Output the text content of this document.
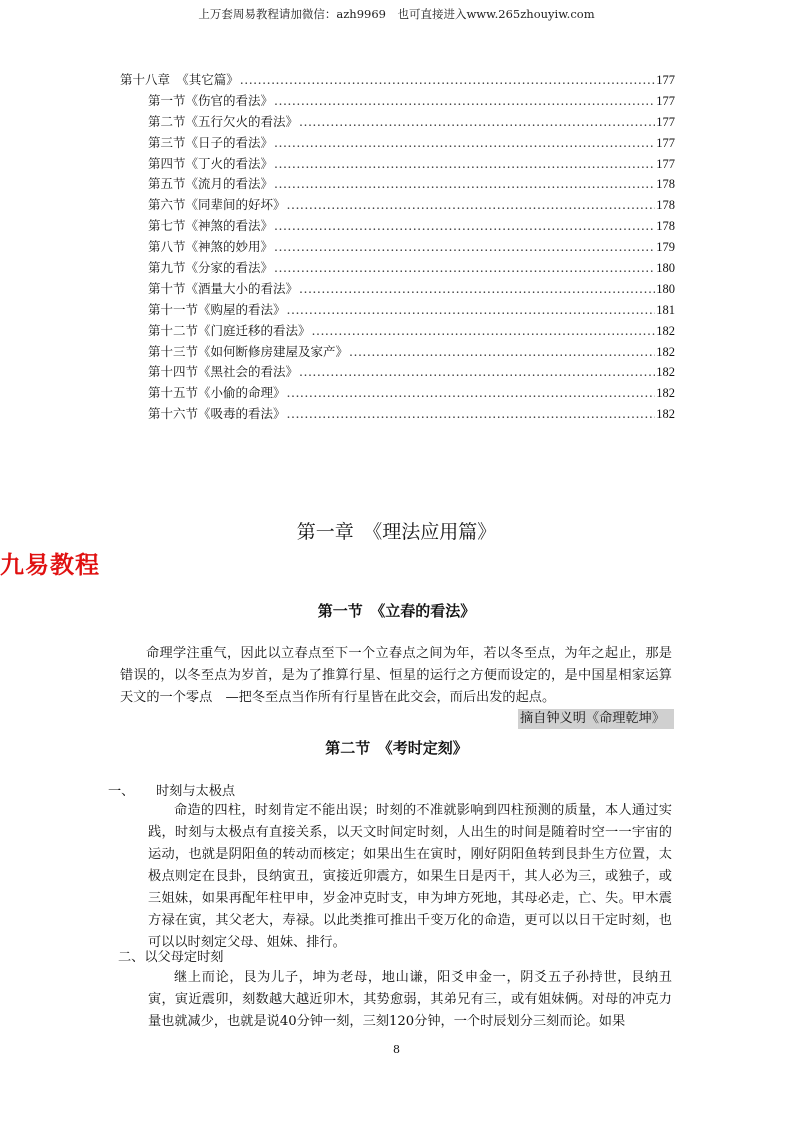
上万套周易教程请加微信：azh9969　也可直接进入www.265zhouyiw.com
第十八章　《其它篇》 .....	177
第一节《伤官的看法》 .....	177
第二节《五行欠火的看法》 .....	177
第三节《日子的看法》 .....	177
第四节《丁火的看法》 .....	177
第五节《流月的看法》 .....	178
第六节《同辈间的好坏》 .....	178
第七节《神煞的看法》 .....	178
第八节《神煞的妙用》 .....	179
第九节《分家的看法》 .....	180
第十节《酒量大小的看法》 .....	180
第十一节《购屋的看法》 .....	181
第十二节《门庭迁移的看法》 .....	182
第十三节《如何断修房建屋及家产》 .....	182
第十四节《黑社会的看法》 .....	182
第十五节《小偷的命理》 .....	182
第十六节《吸毒的看法》 .....	182
九易教程
第一章　《理法应用篇》
第一节　《立春的看法》
命理学注重气，因此以立春点至下一个立春点之间为年，若以冬至点，为年之起止，那是错误的，以冬至点为岁首，是为了推算行星、恒星的运行之方便而设定的，是中国星相家运算天文的一个零点　—把冬至点当作所有行星皆在此交会，而后出发的起点。
摘自钟义明《命理乾坤》
第二节　《考时定刻》
一、 时刻与太极点
命造的四柱，时刻肯定不能出误；时刻的不准就影响到四柱预测的质量，本人通过实践，时刻与太极点有直接关系，以天文时间定时刻，人出生的时间是随着时空一一宇宙的运动，也就是阴阳鱼的转动而核定；如果出生在寅时，刚好阴阳鱼转到艮卦生方位置，太极点则定在艮卦，艮纳寅丑，寅接近卯震方，如果生日是丙干，其人必为三，或独子，或三姐妹，如果再配年柱甲申，岁金冲克时支，申为坤方死地，其母必走，亡、失。甲木震方禄在寅，其父老大，寿禄。以此类推可推出千变万化的命造，更可以以日干定时刻，也可以以时刻定父母、姐妹、排行。
二、以父母定时刻
继上而论，艮为儿子，坤为老母，地山谦，阳爻申金一，阴爻五子孙持世，艮纳丑寅，寅近震卯，刻数越大越近卯木，其势愈弱，其弟兄有三，或有姐妹俩。对母的冲克力量也就减少，也就是说40分钟一刻，三刻120分钟，一个时辰划分三刻而论。如果
8
